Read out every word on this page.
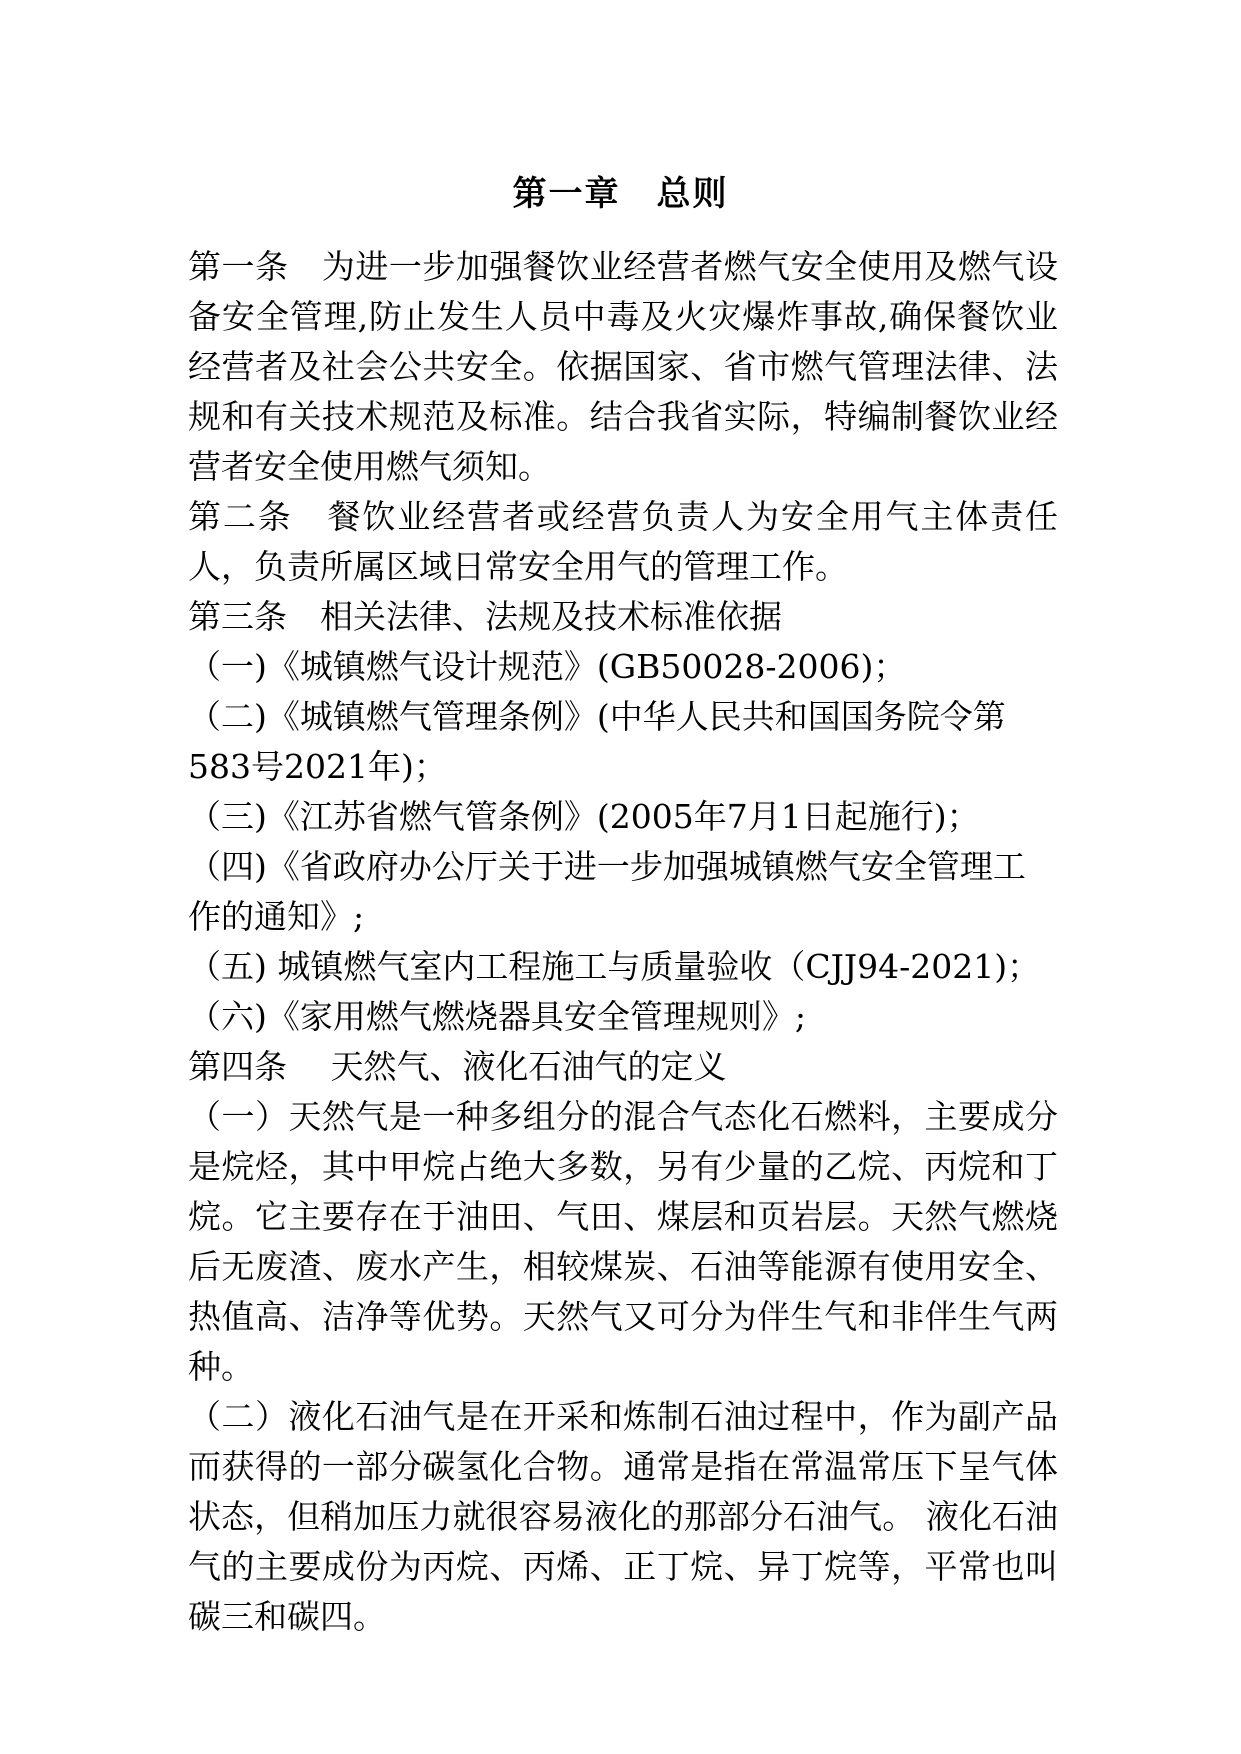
第一章　总则

第一条　为进一步加强餐饮业经营者燃气安全使用及燃气设备安全管理,防止发生人员中毒及火灾爆炸事故,确保餐饮业经营者及社会公共安全。依据国家、省市燃气管理法律、法规和有关技术规范及标准。结合我省实际，特编制餐饮业经营者安全使用燃气须知。

第二条　餐饮业经营者或经营负责人为安全用气主体责任人，负责所属区域日常安全用气的管理工作。

第三条　相关法律、法规及技术标准依据

（一)《城镇燃气设计规范》(GB50028-2006)；

（二)《城镇燃气管理条例》(中华人民共和国国务院令第583号2021年)；

（三)《江苏省燃气管条例》(2005年7月1日起施行)；

（四)《省政府办公厅关于进一步加强城镇燃气安全管理工作的通知》;

（五) 城镇燃气室内工程施工与质量验收（CJJ94-2021)；

（六)《家用燃气燃烧器具安全管理规则》;

第四条　 天然气、液化石油气的定义

（一）天然气是一种多组分的混合气态化石燃料，主要成分是烷烃，其中甲烷占绝大多数，另有少量的乙烷、丙烷和丁烷。它主要存在于油田、气田、煤层和页岩层。天然气燃烧后无废渣、废水产生，相较煤炭、石油等能源有使用安全、热值高、洁净等优势。天然气又可分为伴生气和非伴生气两种。

（二）液化石油气是在开采和炼制石油过程中，作为副产品而获得的一部分碳氢化合物。通常是指在常温常压下呈气体状态，但稍加压力就很容易液化的那部分石油气。 液化石油气的主要成份为丙烷、丙烯、正丁烷、异丁烷等，平常也叫碳三和碳四。
